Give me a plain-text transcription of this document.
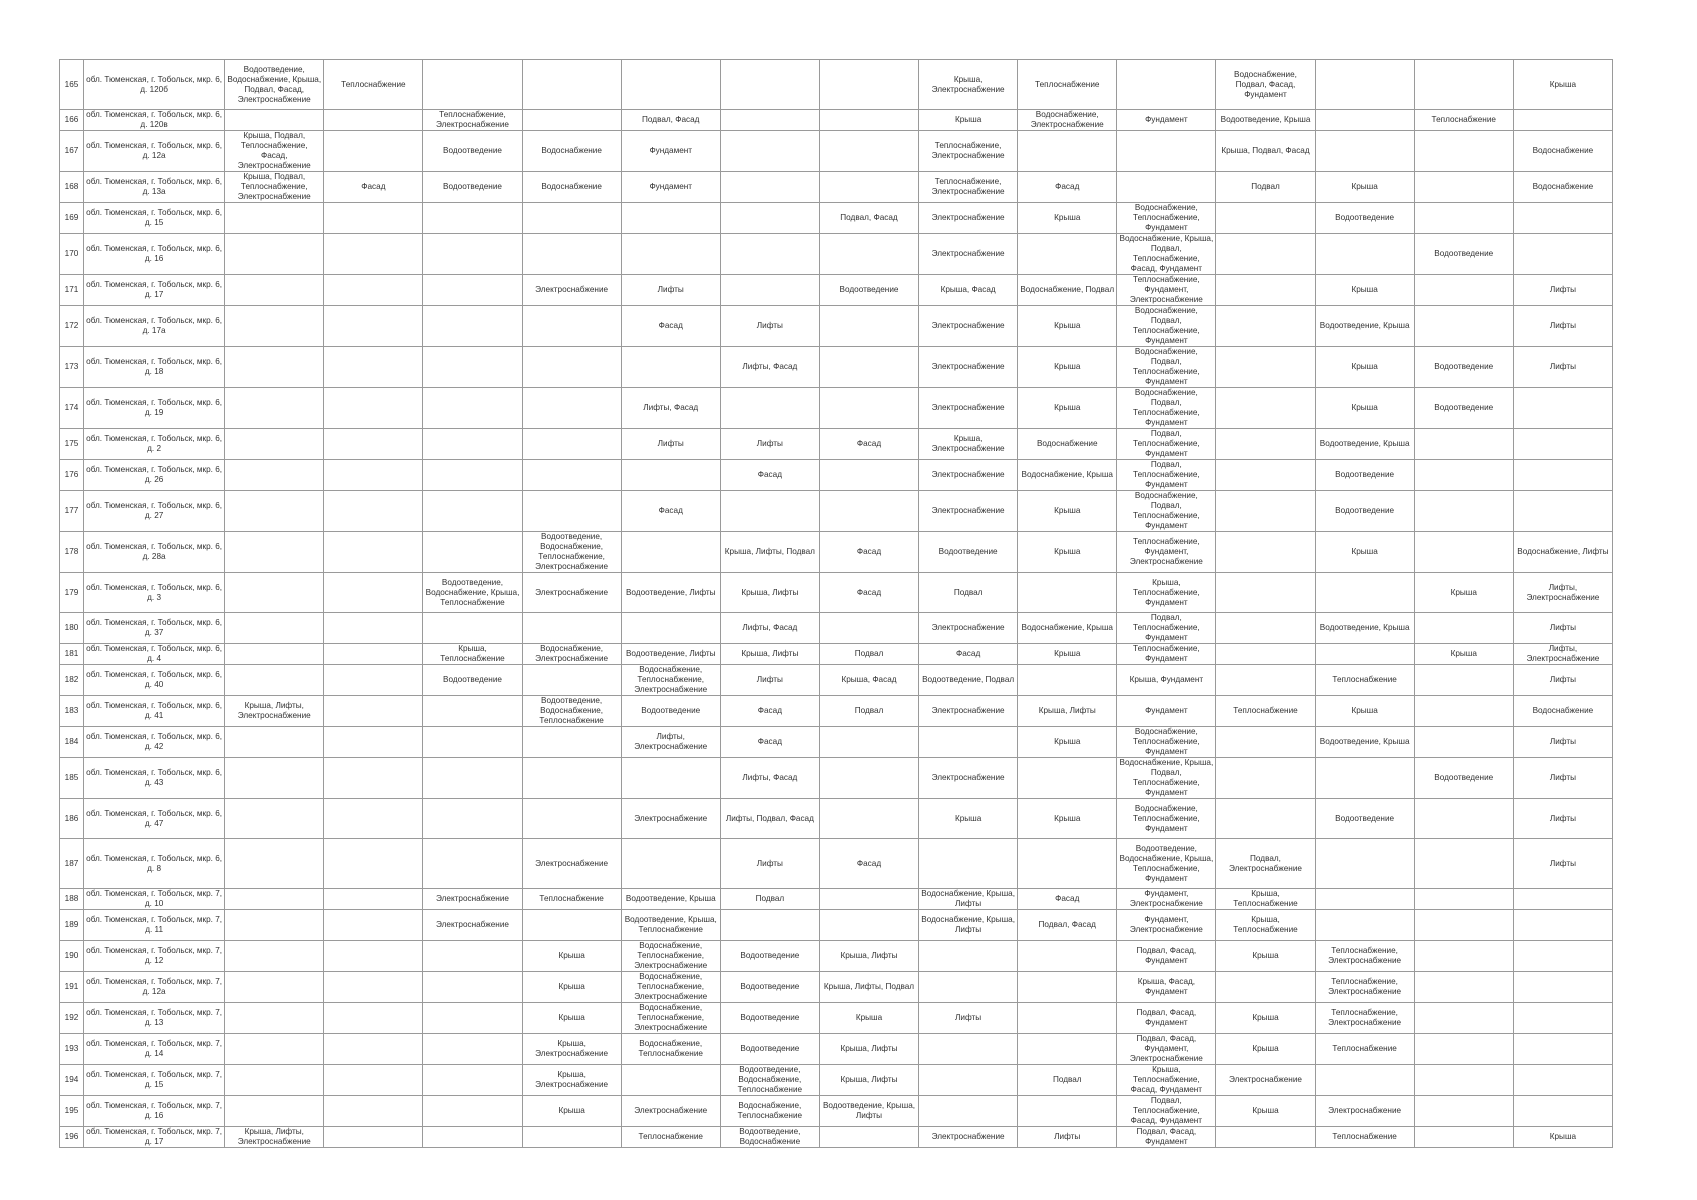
165	обл. Тюменская, г. Тобольск, мкр. 6, д. 120б	Водоотведение, Водоснабжение, Крыша, Подвал, Фасад, Электроснабжение	Теплоснабжение						Крыша, Электроснабжение	Теплоснабжение		Водоснабжение, Подвал, Фасад, Фундамент			Крыша
166	обл. Тюменская, г. Тобольск, мкр. 6, д. 120в			Теплоснабжение, Электроснабжение		Подвал, Фасад			Крыша	Водоснабжение, Электроснабжение	Фундамент	Водоотведение, Крыша		Теплоснабжение	
167	обл. Тюменская, г. Тобольск, мкр. 6, д. 12а	Крыша, Подвал, Теплоснабжение, Фасад, Электроснабжение		Водоотведение	Водоснабжение	Фундамент			Теплоснабжение, Электроснабжение			Крыша, Подвал, Фасад			Водоснабжение
168	обл. Тюменская, г. Тобольск, мкр. 6, д. 13а	Крыша, Подвал, Теплоснабжение, Электроснабжение	Фасад	Водоотведение	Водоснабжение	Фундамент			Теплоснабжение, Электроснабжение	Фасад		Подвал	Крыша		Водоснабжение
169	обл. Тюменская, г. Тобольск, мкр. 6, д. 15							Подвал, Фасад	Электроснабжение	Крыша	Водоснабжение, Теплоснабжение, Фундамент		Водоотведение		
170	обл. Тюменская, г. Тобольск, мкр. 6, д. 16								Электроснабжение		Водоснабжение, Крыша, Подвал, Теплоснабжение, Фасад, Фундамент			Водоотведение	
171	обл. Тюменская, г. Тобольск, мкр. 6, д. 17				Электроснабжение	Лифты		Водоотведение	Крыша, Фасад	Водоснабжение, Подвал	Теплоснабжение, Фундамент, Электроснабжение		Крыша		Лифты
172	обл. Тюменская, г. Тобольск, мкр. 6, д. 17а					Фасад	Лифты		Электроснабжение	Крыша	Водоснабжение, Подвал, Теплоснабжение, Фундамент		Водоотведение, Крыша		Лифты
173	обл. Тюменская, г. Тобольск, мкр. 6, д. 18						Лифты, Фасад		Электроснабжение	Крыша	Водоснабжение, Подвал, Теплоснабжение, Фундамент		Крыша	Водоотведение	Лифты
174	обл. Тюменская, г. Тобольск, мкр. 6, д. 19					Лифты, Фасад			Электроснабжение	Крыша	Водоснабжение, Подвал, Теплоснабжение, Фундамент		Крыша	Водоотведение	
175	обл. Тюменская, г. Тобольск, мкр. 6, д. 2					Лифты	Лифты	Фасад	Крыша, Электроснабжение	Водоснабжение	Подвал, Теплоснабжение, Фундамент		Водоотведение, Крыша		
176	обл. Тюменская, г. Тобольск, мкр. 6, д. 26						Фасад		Электроснабжение	Водоснабжение, Крыша	Подвал, Теплоснабжение, Фундамент		Водоотведение		
177	обл. Тюменская, г. Тобольск, мкр. 6, д. 27					Фасад			Электроснабжение	Крыша	Водоснабжение, Подвал, Теплоснабжение, Фундамент		Водоотведение		
178	обл. Тюменская, г. Тобольск, мкр. 6, д. 28а				Водоотведение, Водоснабжение, Теплоснабжение, Электроснабжение		Крыша, Лифты, Подвал	Фасад	Водоотведение	Крыша	Теплоснабжение, Фундамент, Электроснабжение		Крыша		Водоснабжение, Лифты
179	обл. Тюменская, г. Тобольск, мкр. 6, д. 3			Водоотведение, Водоснабжение, Крыша, Теплоснабжение	Электроснабжение	Водоотведение, Лифты	Крыша, Лифты	Фасад	Подвал		Крыша, Теплоснабжение, Фундамент			Крыша	Лифты, Электроснабжение
180	обл. Тюменская, г. Тобольск, мкр. 6, д. 37						Лифты, Фасад		Электроснабжение	Водоснабжение, Крыша	Подвал, Теплоснабжение, Фундамент		Водоотведение, Крыша		Лифты
181	обл. Тюменская, г. Тобольск, мкр. 6, д. 4			Крыша, Теплоснабжение	Водоснабжение, Электроснабжение	Водоотведение, Лифты	Крыша, Лифты	Подвал	Фасад	Крыша	Теплоснабжение, Фундамент			Крыша	Лифты, Электроснабжение
182	обл. Тюменская, г. Тобольск, мкр. 6, д. 40			Водоотведение		Водоснабжение, Теплоснабжение, Электроснабжение	Лифты	Крыша, Фасад	Водоотведение, Подвал		Крыша, Фундамент		Теплоснабжение		Лифты
183	обл. Тюменская, г. Тобольск, мкр. 6, д. 41	Крыша, Лифты, Электроснабжение			Водоотведение, Водоснабжение, Теплоснабжение	Водоотведение	Фасад	Подвал	Электроснабжение	Крыша, Лифты	Фундамент	Теплоснабжение	Крыша		Водоснабжение
184	обл. Тюменская, г. Тобольск, мкр. 6, д. 42					Лифты, Электроснабжение	Фасад			Крыша	Водоснабжение, Теплоснабжение, Фундамент		Водоотведение, Крыша		Лифты
185	обл. Тюменская, г. Тобольск, мкр. 6, д. 43						Лифты, Фасад		Электроснабжение		Водоснабжение, Крыша, Подвал, Теплоснабжение, Фундамент			Водоотведение	Лифты
186	обл. Тюменская, г. Тобольск, мкр. 6, д. 47					Электроснабжение	Лифты, Подвал, Фасад		Крыша	Крыша	Водоснабжение, Теплоснабжение, Фундамент		Водоотведение		Лифты
187	обл. Тюменская, г. Тобольск, мкр. 6, д. 8				Электроснабжение		Лифты	Фасад			Водоотведение, Водоснабжение, Крыша, Теплоснабжение, Фундамент	Подвал, Электроснабжение			Лифты
188	обл. Тюменская, г. Тобольск, мкр. 7, д. 10			Электроснабжение	Теплоснабжение	Водоотведение, Крыша	Подвал		Водоснабжение, Крыша, Лифты	Фасад	Фундамент, Электроснабжение	Крыша, Теплоснабжение			
189	обл. Тюменская, г. Тобольск, мкр. 7, д. 11			Электроснабжение		Водоотведение, Крыша, Теплоснабжение			Водоснабжение, Крыша, Лифты	Подвал, Фасад	Фундамент, Электроснабжение	Крыша, Теплоснабжение			
190	обл. Тюменская, г. Тобольск, мкр. 7, д. 12				Крыша	Водоснабжение, Теплоснабжение, Электроснабжение	Водоотведение	Крыша, Лифты			Подвал, Фасад, Фундамент	Крыша	Теплоснабжение, Электроснабжение		
191	обл. Тюменская, г. Тобольск, мкр. 7, д. 12а				Крыша	Водоснабжение, Теплоснабжение, Электроснабжение	Водоотведение	Крыша, Лифты, Подвал			Крыша, Фасад, Фундамент		Теплоснабжение, Электроснабжение		
192	обл. Тюменская, г. Тобольск, мкр. 7, д. 13				Крыша	Водоснабжение, Теплоснабжение, Электроснабжение	Водоотведение	Крыша	Лифты		Подвал, Фасад, Фундамент	Крыша	Теплоснабжение, Электроснабжение		
193	обл. Тюменская, г. Тобольск, мкр. 7, д. 14				Крыша, Электроснабжение	Водоснабжение, Теплоснабжение	Водоотведение	Крыша, Лифты			Подвал, Фасад, Фундамент, Электроснабжение	Крыша	Теплоснабжение		
194	обл. Тюменская, г. Тобольск, мкр. 7, д. 15				Крыша, Электроснабжение		Водоотведение, Водоснабжение, Теплоснабжение	Крыша, Лифты		Подвал	Крыша, Теплоснабжение, Фасад, Фундамент	Электроснабжение			
195	обл. Тюменская, г. Тобольск, мкр. 7, д. 16				Крыша	Электроснабжение	Водоснабжение, Теплоснабжение	Водоотведение, Крыша, Лифты			Подвал, Теплоснабжение, Фасад, Фундамент	Крыша	Электроснабжение		
196	обл. Тюменская, г. Тобольск, мкр. 7, д. 17	Крыша, Лифты, Электроснабжение				Теплоснабжение	Водоотведение, Водоснабжение		Электроснабжение	Лифты	Подвал, Фасад, Фундамент		Теплоснабжение		Крыша
